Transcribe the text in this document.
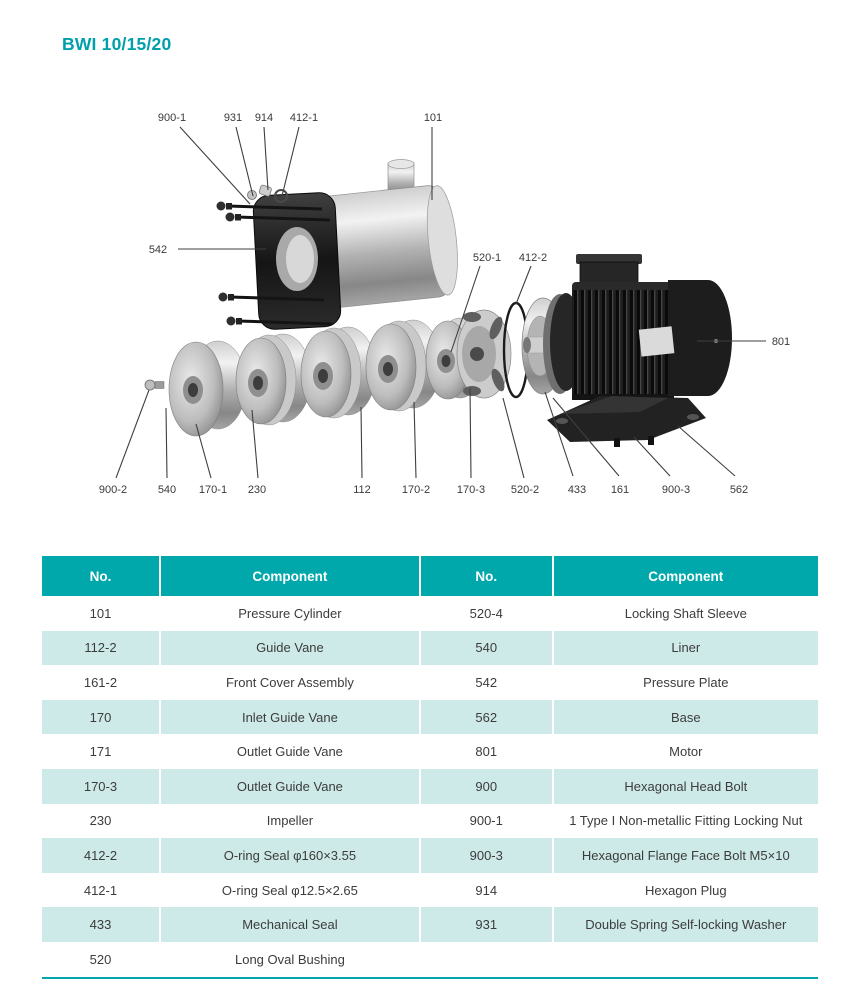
BWI 10/15/20
900-1	931 914 412-1	101
542
520-1 412-2
801
900-2	540 170-1 230	112	170-2 170-3 520-2	433 161	900-3	562
No.	Component	No.	Component
101	Pressure Cylinder	520-4	Locking Shaft Sleeve
112-2	Guide Vane	540	Liner
161-2	Front Cover Assembly	542	Pressure Plate
170	Inlet Guide Vane	562	Base
171	Outlet Guide Vane	801	Motor
170-3	Outlet Guide Vane	900	Hexagonal Head Bolt
230	Impeller	900-1	1 Type I Non-metallic Fitting Locking Nut
412-2	O-ring Seal φ160×3.55	900-3	Hexagonal Flange Face Bolt M5×10
412-1	O-ring Seal φ12.5×2.65	914	Hexagon Plug
433	Mechanical Seal	931	Double Spring Self-locking Washer
520	Long Oval Bushing		
